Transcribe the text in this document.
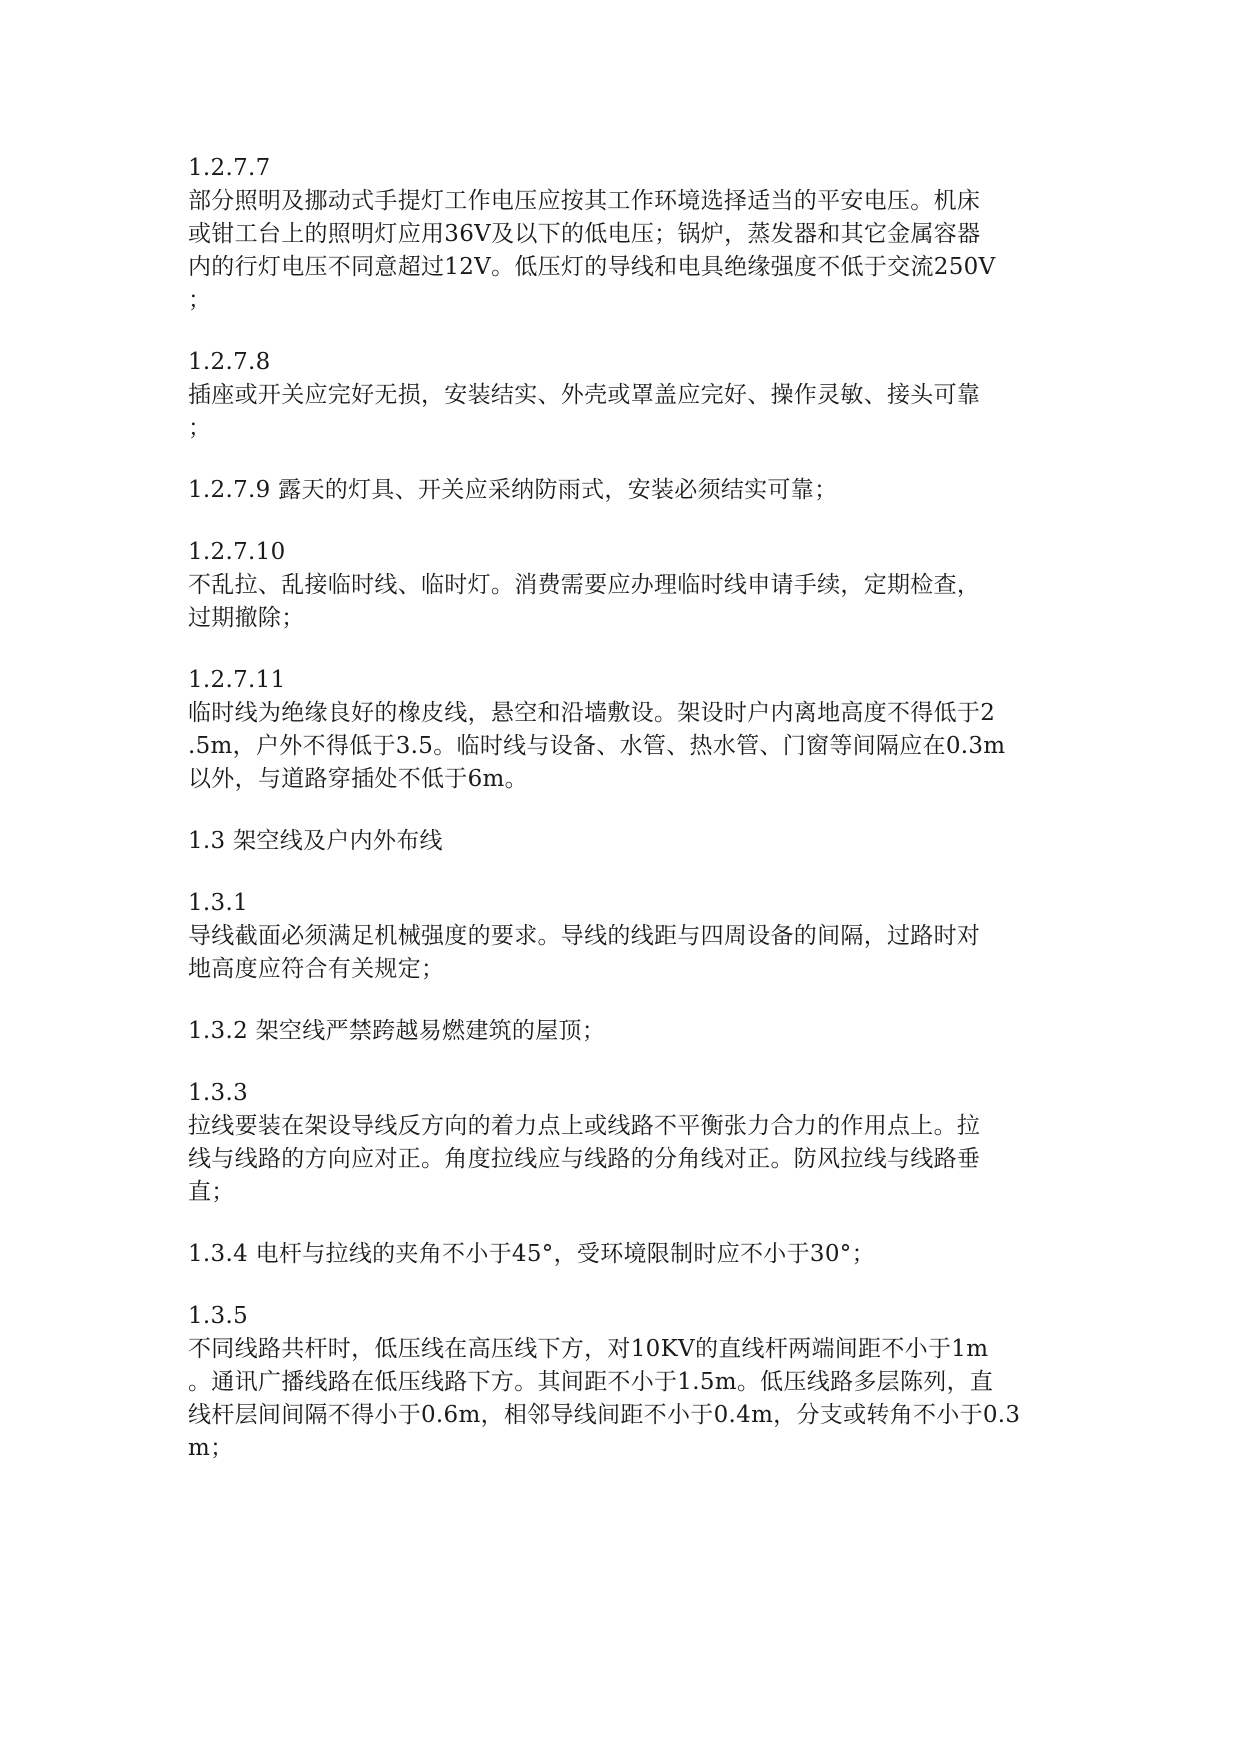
1.2.7.7
部分照明及挪动式手提灯工作电压应按其工作环境选择适当的平安电压。机床
或钳工台上的照明灯应用36V及以下的低电压；锅炉，蒸发器和其它金属容器
内的行灯电压不同意超过12V。低压灯的导线和电具绝缘强度不低于交流250V
；
1.2.7.8
插座或开关应完好无损，安装结实、外壳或罩盖应完好、操作灵敏、接头可靠
；
1.2.7.9 露天的灯具、开关应采纳防雨式，安装必须结实可靠；
1.2.7.10
不乱拉、乱接临时线、临时灯。消费需要应办理临时线申请手续，定期检查，
过期撤除；
1.2.7.11
临时线为绝缘良好的橡皮线，悬空和沿墙敷设。架设时户内离地高度不得低于2
.5m，户外不得低于3.5。临时线与设备、水管、热水管、门窗等间隔应在0.3m
以外，与道路穿插处不低于6m。
1.3 架空线及户内外布线
1.3.1
导线截面必须满足机械强度的要求。导线的线距与四周设备的间隔，过路时对
地高度应符合有关规定；
1.3.2 架空线严禁跨越易燃建筑的屋顶；
1.3.3
拉线要装在架设导线反方向的着力点上或线路不平衡张力合力的作用点上。拉
线与线路的方向应对正。角度拉线应与线路的分角线对正。防风拉线与线路垂
直；
1.3.4 电杆与拉线的夹角不小于45°，受环境限制时应不小于30°；
1.3.5
不同线路共杆时，低压线在高压线下方，对10KV的直线杆两端间距不小于1m
。通讯广播线路在低压线路下方。其间距不小于1.5m。低压线路多层陈列，直
线杆层间间隔不得小于0.6m，相邻导线间距不小于0.4m，分支或转角不小于0.3
m；
